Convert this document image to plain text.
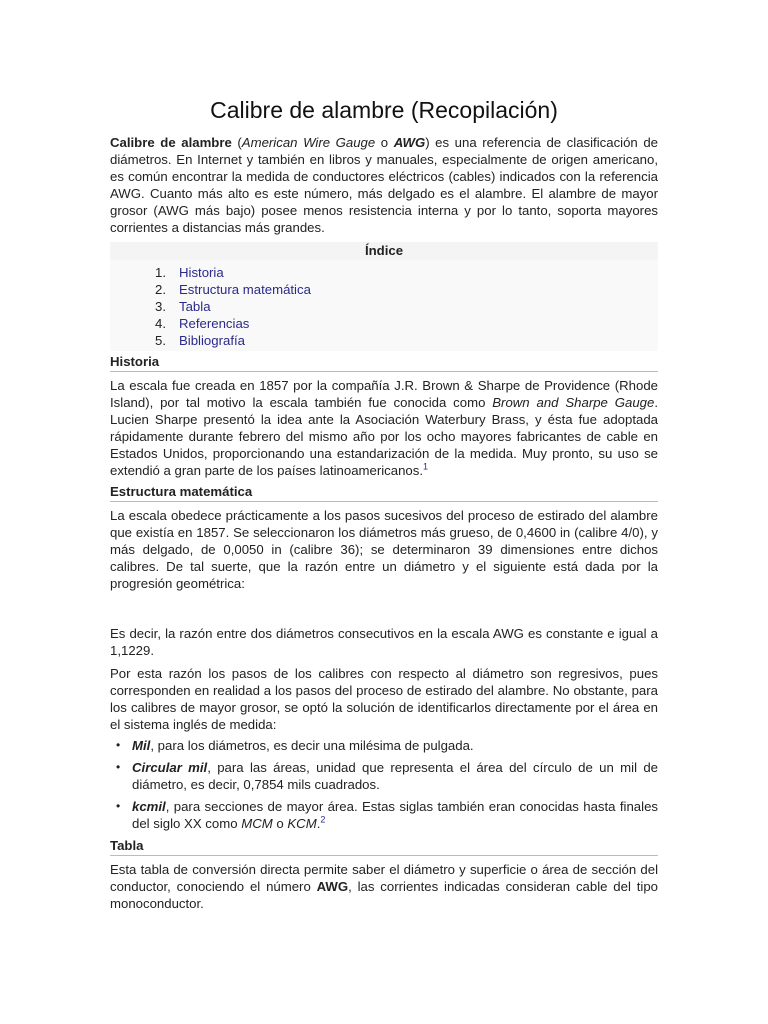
Calibre de alambre (Recopilación)

Calibre de alambre (American Wire Gauge o AWG) es una referencia de clasificación de diámetros. En Internet y también en libros y manuales, especialmente de origen americano, es común encontrar la medida de conductores eléctricos (cables) indicados con la referencia AWG. Cuanto más alto es este número, más delgado es el alambre. El alambre de mayor grosor (AWG más bajo) posee menos resistencia interna y por lo tanto, soporta mayores corrientes a distancias más grandes.

Índice
1. Historia
2. Estructura matemática
3. Tabla
4. Referencias
5. Bibliografía
Historia

La escala fue creada en 1857 por la compañía J.R. Brown & Sharpe de Providence (Rhode Island), por tal motivo la escala también fue conocida como Brown and Sharpe Gauge. Lucien Sharpe presentó la idea ante la Asociación Waterbury Brass, y ésta fue adoptada rápidamente durante febrero del mismo año por los ocho mayores fabricantes de cable en Estados Unidos, proporcionando una estandarización de la medida. Muy pronto, su uso se extendió a gran parte de los países latinoamericanos.$^1$

Estructura matemática

La escala obedece prácticamente a los pasos sucesivos del proceso de estirado del alambre que existía en 1857. Se seleccionaron los diámetros más grueso, de 0,4600 in (calibre 4/0), y más delgado, de 0,0050 in (calibre 36); se determinaron 39 dimensiones entre dichos calibres. De tal suerte, que la razón entre un diámetro y el siguiente está dada por la progresión geométrica:

Es decir, la razón entre dos diámetros consecutivos en la escala AWG es constante e igual a 1,1229.

Por esta razón los pasos de los calibres con respecto al diámetro son regresivos, pues corresponden en realidad a los pasos del proceso de estirado del alambre. No obstante, para los calibres de mayor grosor, se optó la solución de identificarlos directamente por el área en el sistema inglés de medida:

• Mil, para los diámetros, es decir una milésima de pulgada.
• Circular mil, para las áreas, unidad que representa el área del círculo de un mil de diámetro, es decir, 0,7854 mils cuadrados.
• kcmil, para secciones de mayor área. Estas siglas también eran conocidas hasta finales del siglo XX como MCM o KCM.$^2$
Tabla

Esta tabla de conversión directa permite saber el diámetro y superficie o área de sección del conductor, conociendo el número AWG, las corrientes indicadas consideran cable del tipo monoconductor.
